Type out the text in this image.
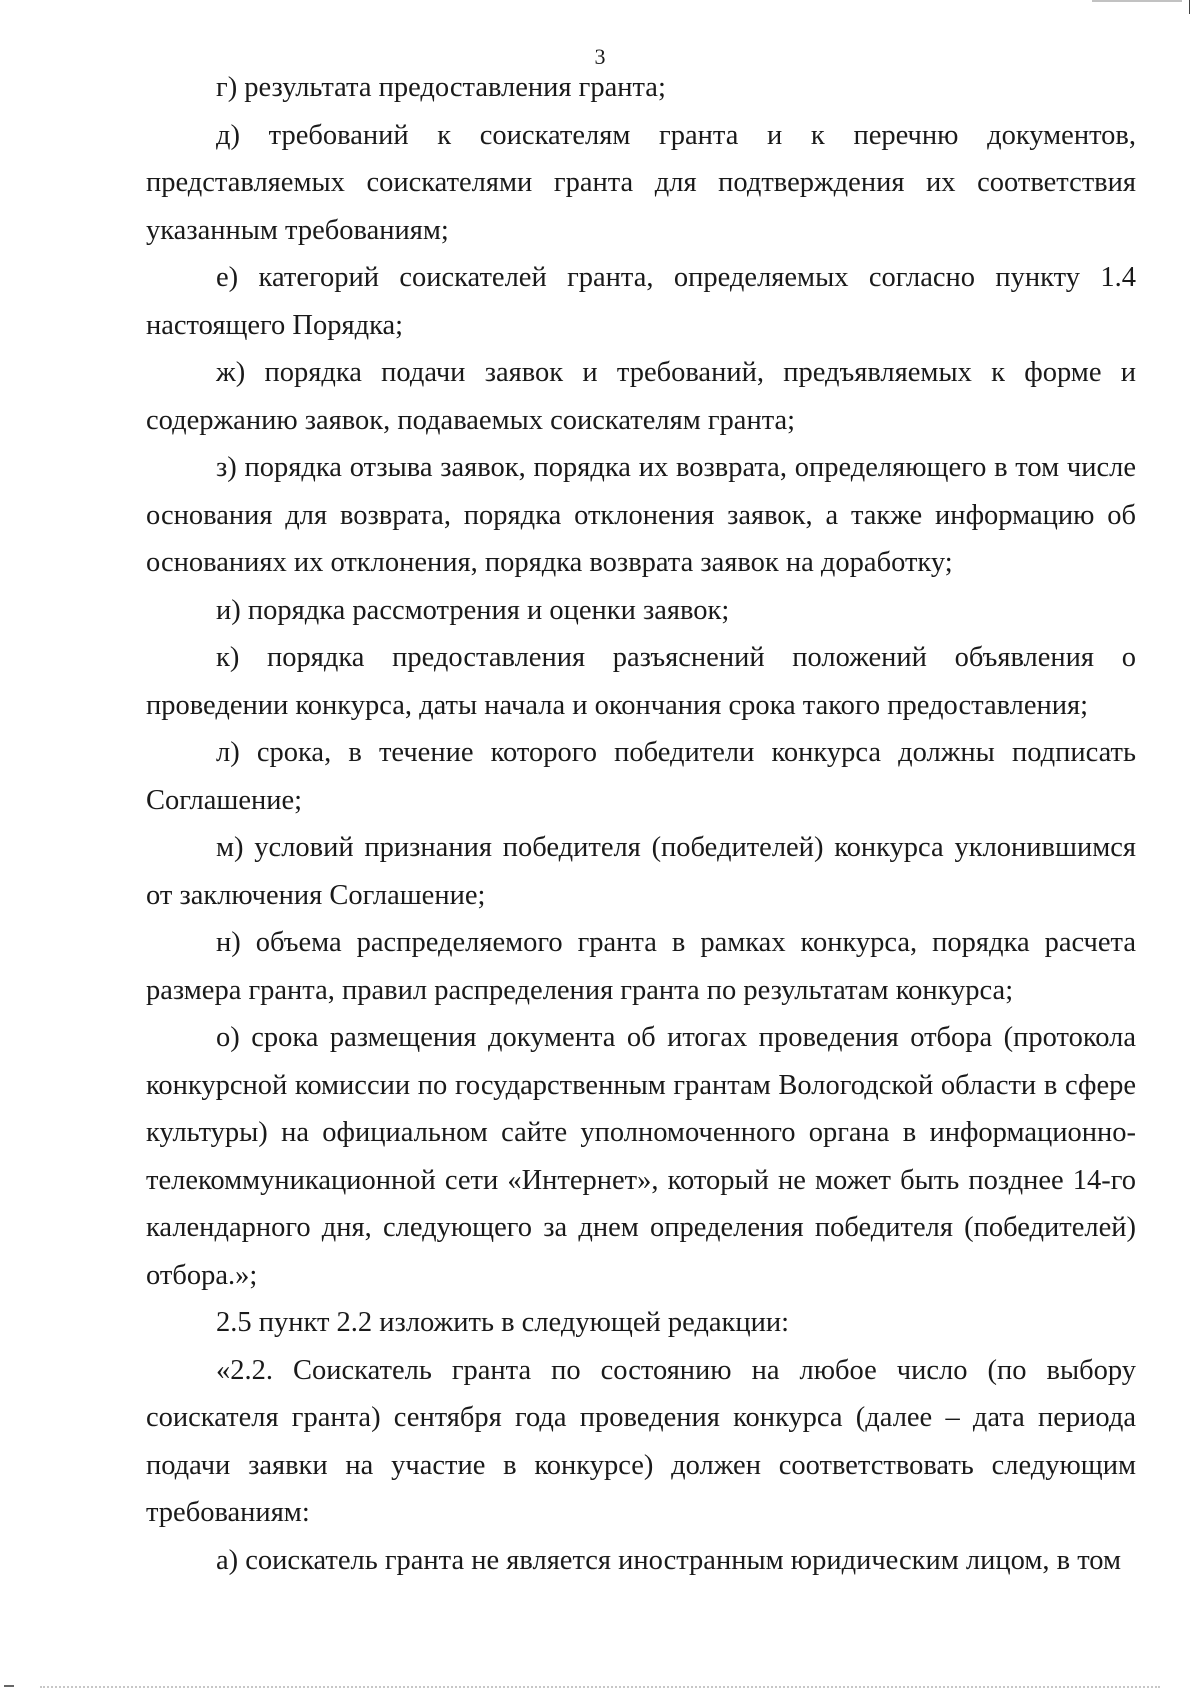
3

г) результата предоставления гранта;

д) требований к соискателям гранта и к перечню документов, представляемых соискателями гранта для подтверждения их соответствия указанным требованиям;

е) категорий соискателей гранта, определяемых согласно пункту 1.4 настоящего Порядка;

ж) порядка подачи заявок и требований, предъявляемых к форме и содержанию заявок, подаваемых соискателям гранта;

з) порядка отзыва заявок, порядка их возврата, определяющего в том числе основания для возврата, порядка отклонения заявок, а также информацию об основаниях их отклонения, порядка возврата заявок на доработку;

и) порядка рассмотрения и оценки заявок;

к) порядка предоставления разъяснений положений объявления о проведении конкурса, даты начала и окончания срока такого предоставления;

л) срока, в течение которого победители конкурса должны подписать Соглашение;

м) условий признания победителя (победителей) конкурса уклонившимся от заключения Соглашение;

н) объема распределяемого гранта в рамках конкурса, порядка расчета размера гранта, правил распределения гранта по результатам конкурса;

о) срока размещения документа об итогах проведения отбора (протокола конкурсной комиссии по государственным грантам Вологодской области в сфере культуры) на официальном сайте уполномоченного органа в информационно-телекоммуникационной сети «Интернет», который не может быть позднее 14-го календарного дня, следующего за днем определения победителя (победителей) отбора.»;

2.5 пункт 2.2 изложить в следующей редакции:

«2.2. Соискатель гранта по состоянию на любое число (по выбору соискателя гранта) сентября года проведения конкурса (далее – дата периода подачи заявки на участие в конкурсе) должен соответствовать следующим требованиям:

а) соискатель гранта не является иностранным юридическим лицом, в том
